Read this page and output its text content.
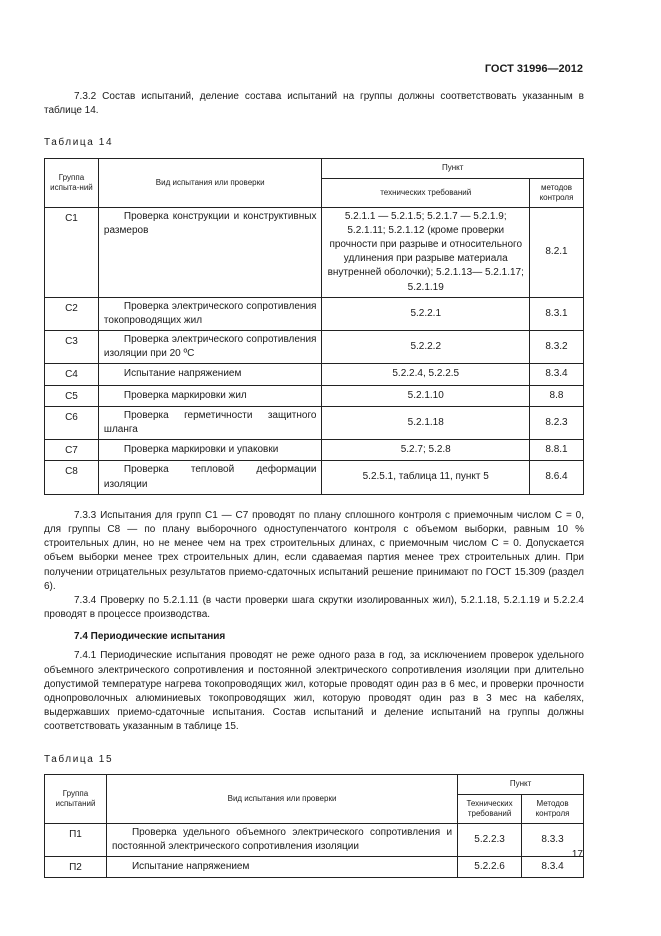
ГОСТ 31996—2012

7.3.2 Состав испытаний, деление состава испытаний на группы должны соответствовать указанным в таблице 14.

Таблица 14
Группа испыта-ний	Вид испытания или проверки	Пункт	
		технических требований	методов контроля
С1	Проверка конструкции и конструктивных размеров	5.2.1.1 — 5.2.1.5; 5.2.1.7 — 5.2.1.9; 5.2.1.11; 5.2.1.12 (кроме проверки прочности при разрыве и относительного удлинения при разрыве материала внутренней оболочки); 5.2.1.13— 5.2.1.17; 5.2.1.19	8.2.1
С2	Проверка электрического сопротивления токопроводящих жил	5.2.2.1	8.3.1
С3	Проверка электрического сопротивления изоляции при 20 ºС	5.2.2.2	8.3.2
С4	Испытание напряжением	5.2.2.4, 5.2.2.5	8.3.4
С5	Проверка маркировки жил	5.2.1.10	8.8
С6	Проверка герметичности защитного шланга	5.2.1.18	8.2.3
С7	Проверка маркировки и упаковки	5.2.7; 5.2.8	8.8.1
С8	Проверка тепловой деформации изоляции	5.2.5.1, таблица 11, пункт 5	8.6.4

7.3.3 Испытания для групп С1 — С7 проводят по плану сплошного контроля с приемочным числом С = 0, для группы С8 — по плану выборочного одноступенчатого контроля с объемом выборки, равным 10 % строительных длин, но не менее чем на трех строительных длинах, с приемочным числом С = 0. Допускается объем выборки менее трех строительных длин, если сдаваемая партия менее трех строительных длин. При получении отрицательных результатов приемо-сдаточных испытаний решение принимают по ГОСТ 15.309 (раздел 6).

7.3.4 Проверку по 5.2.1.11 (в части проверки шага скрутки изолированных жил), 5.2.1.18, 5.2.1.19 и 5.2.2.4 проводят в процессе производства.

7.4 Периодические испытания

7.4.1 Периодические испытания проводят не реже одного раза в год, за исключением проверок удельного объемного электрического сопротивления и постоянной электрического сопротивления изоляции при длительно допустимой температуре нагрева токопроводящих жил, которые проводят один раз в 6 мес, и проверки прочности однопроволочных алюминиевых токопроводящих жил, которую проводят один раз в 3 мес на кабелях, выдержавших приемо-сдаточные испытания. Состав испытаний и деление испытаний на группы должны соответствовать указанным в таблице 15.

Таблица 15
Группа испытаний	Вид испытания или проверки	Пункт	
		Технических требований	Методов контроля
П1	Проверка удельного объемного электрического сопротивления и постоянной электрического сопротивления изоляции	5.2.2.3	8.3.3
П2	Испытание напряжением	5.2.2.6	8.3.4
17
